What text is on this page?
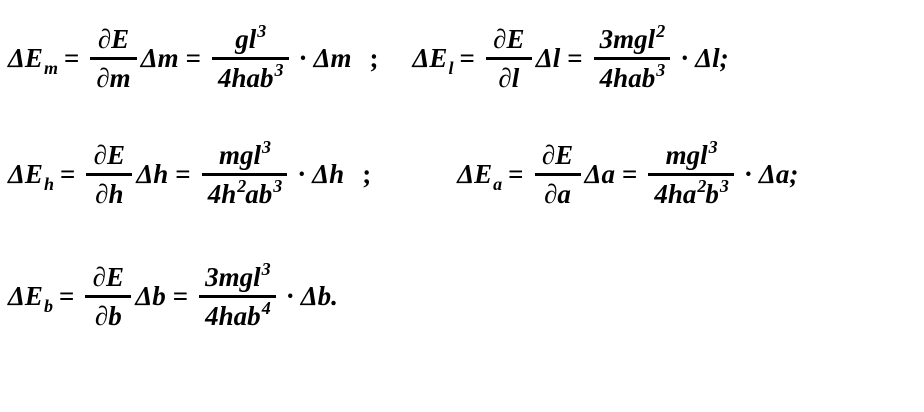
ΔE $m = \frac{\partial E}{\partial m}$ $\Delta m = \frac{gl 3}{\text{4hab 3}} \cdot \Delta m$ ; ΔE $l = \frac{\partial E}{\partial l}$ $\Delta l = \frac{\text{3mgl 2}}{\text{4hab 3}} \cdot \Delta l$;
ΔE $h = \frac{\partial E}{\partial h}$ $\Delta h = \frac{\text{mgl 3}}{4h 2 ab 3} \cdot \Delta h$ ;	ΔE $a = \frac{\partial E}{\partial a}$ $\Delta a = \frac{\text{mgl 3}}{4ha 2 b 3} \cdot \Delta a$;
ΔE $b = \frac{\partial E}{\partial b}$ $\Delta b = \frac{\text{3mgl 3}}{\text{4hab 4}} \cdot \Delta b$.
